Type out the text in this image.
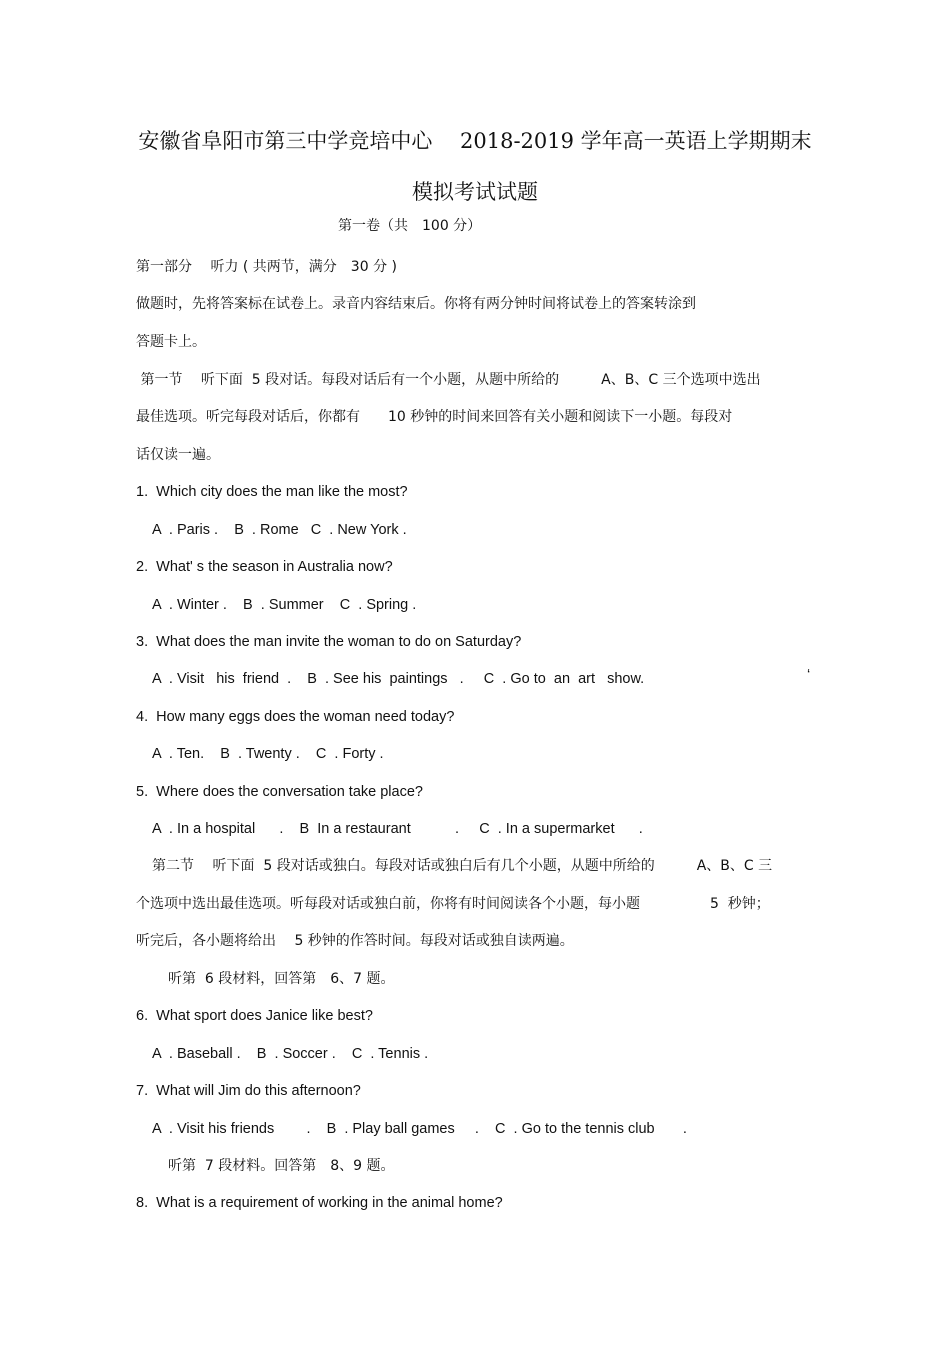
安徽省阜阳市第三中学竞培中心　 2018-2019 学年高一英语上学期期末
模拟考试试题
第一卷（共　100 分）
第一部分　 听力 ( 共两节，满分　30 分 )
做题时，先将答案标在试卷上。录音内容结束后。你将有两分钟时间将试卷上的答案转涂到
答题卡上。
第一节　 听下面  5 段对话。每段对话后有一个小题，从题中所给的　　　A、B、C 三个选项中选出
最佳选项。听完每段对话后，你都有　　10 秒钟的时间来回答有关小题和阅读下一小题。每段对
话仅读一遍。
1.  Which city does the man like the most?
A  . Paris .    B  . Rome   C  . New York .
2.  What' s the season in Australia now?
A  . Winter .    B  . Summer    C  . Spring .
3.  What does the man invite the woman to do on Saturday?
A  . Visit   his  friend  .    B  . See his  paintings   .     C  . Go to  an  art   show.	‘
4.  How many eggs does the woman need today?
A  . Ten.    B  . Twenty .    C  . Forty .
5.  Where does the conversation take place?
A  . In a hospital      .    B  In a restaurant           .     C  . In a supermarket      .
第二节　 听下面  5 段对话或独白。每段对话或独白后有几个小题，从题中所给的　　　A、B、C 三
个选项中选出最佳选项。听每段对话或独白前，你将有时间阅读各个小题，每小题　　　　　5  秒钟；
听完后，各小题将给出　 5 秒钟的作答时间。每段对话或独自读两遍。
听第  6 段材料，回答第　6、7 题。
6.  What sport does Janice like best?
A  . Baseball .    B  . Soccer .    C  . Tennis .
7.  What will Jim do this afternoon?
A  . Visit his friends        .    B  . Play ball games     .    C  . Go to the tennis club       .
听第  7 段材料。回答第　8、9 题。
8.  What is a requirement of working in the animal home?
